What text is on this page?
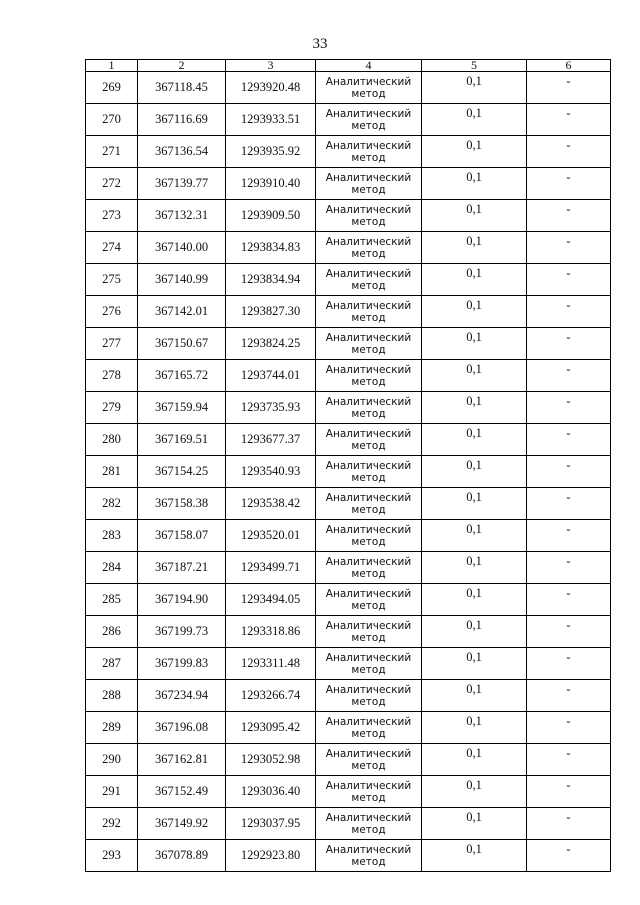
33
1	2	3	4	5	6
269	367118.45	1293920.48	Аналитический метод	0,1	-
270	367116.69	1293933.51	Аналитический метод	0,1	-
271	367136.54	1293935.92	Аналитический метод	0,1	-
272	367139.77	1293910.40	Аналитический метод	0,1	-
273	367132.31	1293909.50	Аналитический метод	0,1	-
274	367140.00	1293834.83	Аналитический метод	0,1	-
275	367140.99	1293834.94	Аналитический метод	0,1	-
276	367142.01	1293827.30	Аналитический метод	0,1	-
277	367150.67	1293824.25	Аналитический метод	0,1	-
278	367165.72	1293744.01	Аналитический метод	0,1	-
279	367159.94	1293735.93	Аналитический метод	0,1	-
280	367169.51	1293677.37	Аналитический метод	0,1	-
281	367154.25	1293540.93	Аналитический метод	0,1	-
282	367158.38	1293538.42	Аналитический метод	0,1	-
283	367158.07	1293520.01	Аналитический метод	0,1	-
284	367187.21	1293499.71	Аналитический метод	0,1	-
285	367194.90	1293494.05	Аналитический метод	0,1	-
286	367199.73	1293318.86	Аналитический метод	0,1	-
287	367199.83	1293311.48	Аналитический метод	0,1	-
288	367234.94	1293266.74	Аналитический метод	0,1	-
289	367196.08	1293095.42	Аналитический метод	0,1	-
290	367162.81	1293052.98	Аналитический метод	0,1	-
291	367152.49	1293036.40	Аналитический метод	0,1	-
292	367149.92	1293037.95	Аналитический метод	0,1	-
293	367078.89	1292923.80	Аналитический метод	0,1	-
